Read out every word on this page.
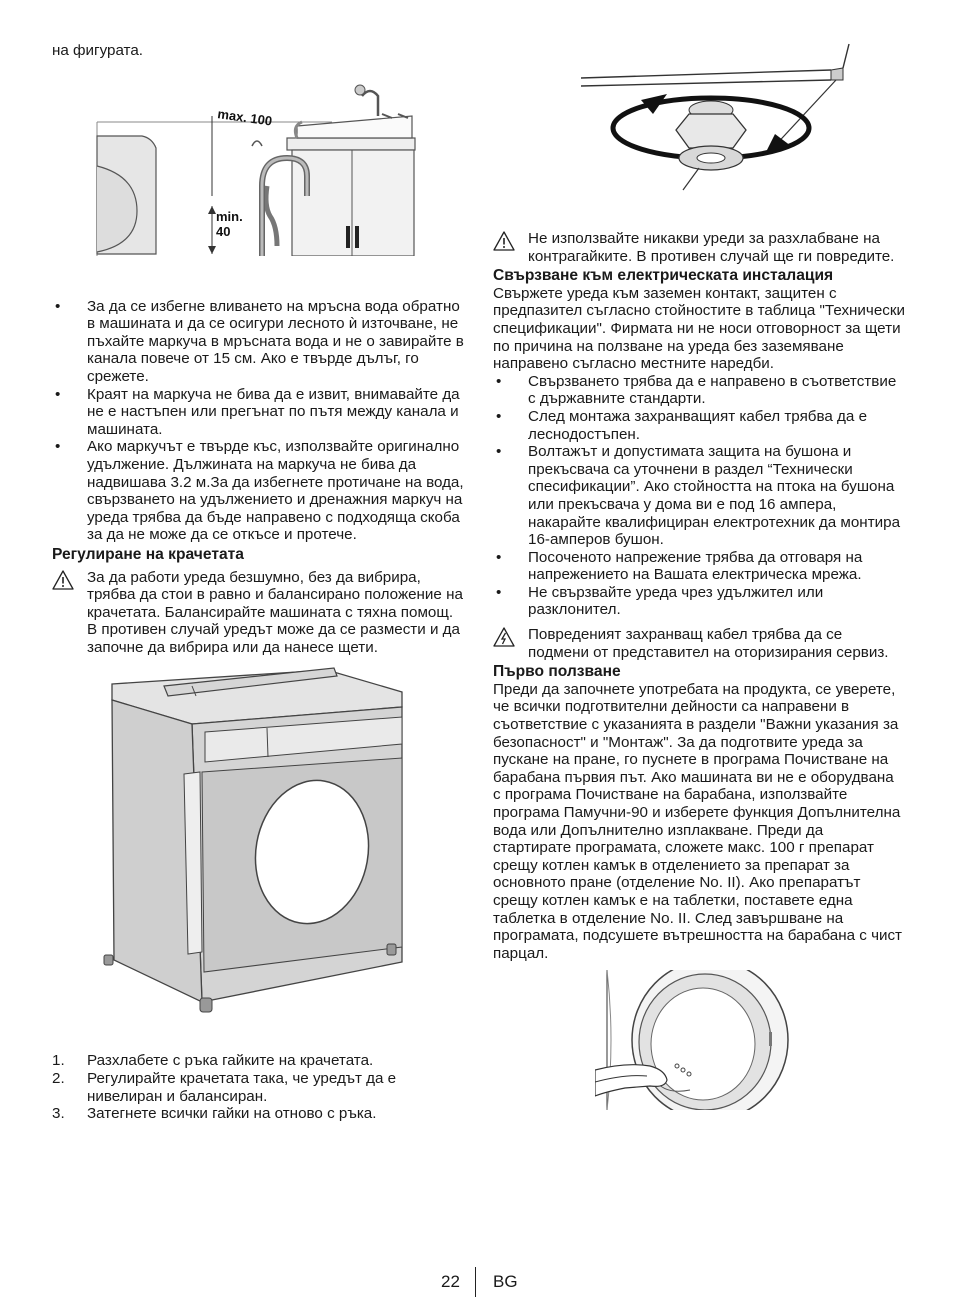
на фигурата.

max. 100
min.
40
• За да се избегне вливането на мръсна вода обратно в машината и да се осигури лесното ѝ източване, не пъхайте маркуча в мръсната вода и не о завирайте в канала повече от 15 см. Ако е твърде дълъг, го срежете.
• Краят на маркуча не бива да е извит, внимавайте да не е настъпен или прегънат по пътя между канала и машината.
• Ако маркучът е твърде къс, използвайте оригинално удължение. Дължината на маркуча не бива да надвишава 3.2 м.За да избегнете протичане на вода, свързването на удължението и дренажния маркуч на уреда трябва да бъде направено с подходяща скоба за да не може да се откъсе и протече.
Регулиране на крачетата

За да работи уреда безшумно, без да вибрира, трябва да стои в равно и балансирано положение на крачетата. Балансирайте машината с тяхна помощ. В противен случай уредът може да се размести и да започне да вибрира или да нанесе щети.

1. Разхлабете с ръка гайките на крачетата.
2. Регулирайте крачетата така, че уредът да е нивелиран и балансиран.
3. Затегнете всички гайки на отново с ръка.

Не използвайте никакви уреди за разхлабване на контрагайките. В противен случай ще ги повредите.

Свързване към електрическата инсталация

Свържете уреда към заземен контакт, защитен с предпазител съгласно стойностите в таблица "Технически спецификации". Фирмата ни не носи отговорност за щети по причина на ползване на уреда без заземяване направено съгласно местните наредби.

• Свързването трябва да е направено в съответствие с държавните стандарти.
• След монтажа захранващият кабел трябва да е леснодостъпен.
• Волтажът и допустимата защита на бушона и прекъсвача са уточнени в раздел “Технически спесификации”. Ако стойността на птока на бушона или прекъсвача у дома ви е под 16 ампера, накарайте квалифициран електротехник да монтира 16-амперов бушон.
• Посоченото напрежение трябва да отговаря на напрежението на Вашата електрическа мрежа.
• Не свързвайте уреда чрез удължител или разклонител.

Повреденият захранващ кабел трябва да се подмени от представител на оторизирания сервиз.

Първо ползване

Преди да започнете употребата на продукта, се уверете, че всички подготвителни дейности са направени в съответствие с указанията в раздели "Важни указания за безопасност" и "Монтаж". За да подготвите уреда за пускане на пране, го пуснете в програма Почистване на барабана първия път. Ако машината ви не е оборудвана с програма Почистване на барабана, използвайте програма Памучни-90 и изберете функция Допълнителна вода или Допълнително изплакване. Преди да стартирате програмата, сложете макс. 100 г препарат срещу котлен камък в отделението за препарат за основното пране (отделение No. II). Ако препаратът срещу котлен камък е на таблетки, поставете една таблетка в отделение No. II. След завършване на програмата, подсушете вътрешността на барабана с чист парцал.

22 BG
